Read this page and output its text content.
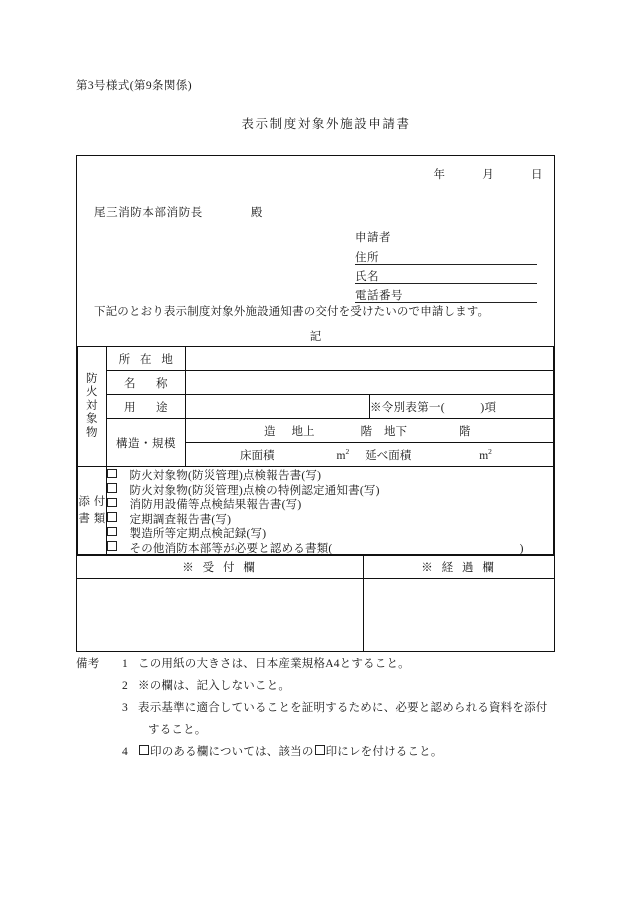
第3号様式(第9条関係)
表示制度対象外施設申請書
年	月	日
尾三消防本部消防長	殿
申請者
住所
氏名
電話番号
下記のとおり表示制度対象外施設通知書の交付を受けたいので申請します。
記
防
火
対
象
物	所 在 地		

	名 称		

	用 途		※令別表第一(　　　)項
	構造・規模	造 地上 階 地下 階	

		床面積 $m^2$ 延べ面積 $m^2$

添 付 書 類	
防火対象物(防災管理)点検報告書(写)
防火対象物(防災管理)点検の特例認定通知書(写)
消防用設備等点検結果報告書(写)
定期調査報告書(写)
製造所等定期点検記録(写)
その他消防本部等が必要と認める書類(　　　　　　　　　　　　　　　　)
※ 受 付 欄	※ 経 過 欄

備考	1 この用紙の大きさは、日本産業規格A4とすること。
2 ※の欄は、記入しないこと。
3 表示基準に適合していることを証明するために、必要と認められる資料を添付
すること。
4	印のある欄については、該当の 印にレを付けること。
